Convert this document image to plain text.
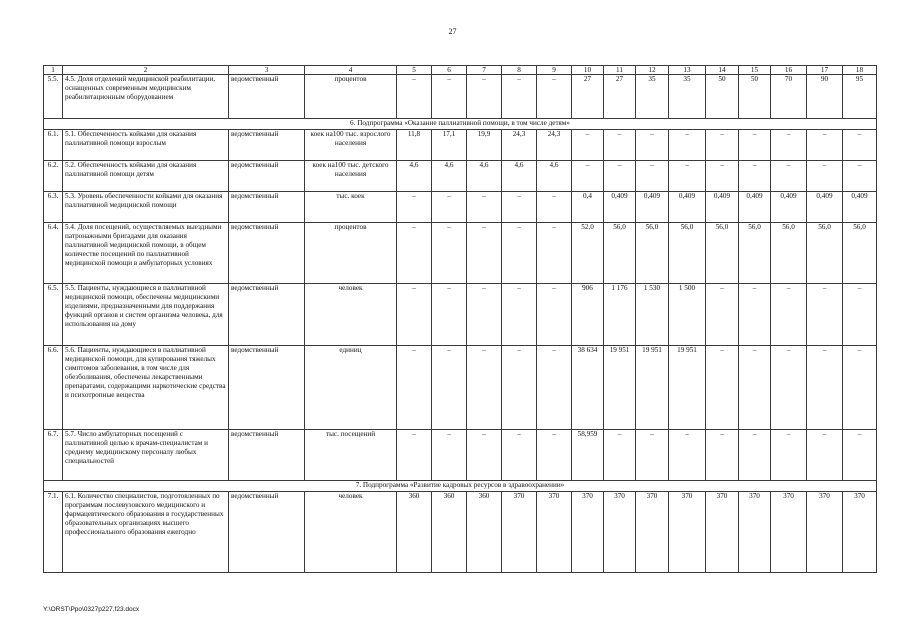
27
1	2	3	4	5	6	7	8	9	10	11	12	13	14	15	16	17	18
5.5.	4.5. Доля отделений медицинской реабилитации, оснащенных современным медицинским реабилитационным оборудованием	ведомственный	процентов	–	–	–	–	–	27	27	35	35	50	50	70	90	95
6. Подпрограмма «Оказание паллиативной помощи, в том числе детям»																	
6.1.	5.1. Обеспеченность койками для оказания паллиативной помощи взрослым	ведомственный	коек на100 тыс. взрослого населения	11,8	17,1	19,9	24,3	24,3	–	–	–	–	–	–	–	–	–
6.2.	5.2. Обеспеченность койками для оказания паллиативной помощи детям	ведомственный	коек на100 тыс. детского населения	4,6	4,6	4,6	4,6	4,6	–	–	–	–	–	–	–	–	–
6.3.	5.3. Уровень обеспеченности койками для оказания паллиативной медицинской помощи	ведомственный	тыс. коек	–	–	–	–	–	0,4	0,409	0,409	0,409	0,409	0,409	0,409	0,409	0,409
6.4.	5.4. Доля посещений, осуществляемых выездными патронажными бригадами для оказания паллиативной медицинской помощи, в общем количестве посещений по паллиативной медицинской помощи в амбулаторных условиях	ведомственный	процентов	–	–	–	–	–	52,0	56,0	56,0	56,0	56,0	56,0	56,0	56,0	56,0
6.5.	5.5. Пациенты, нуждающиеся в паллиативной медицинской помощи, обеспечены медицинскими изделиями, предназначенными для поддержания функций органов и систем организма человека, для использования на дому	ведомственный	человек	–	–	–	–	–	906	1 176	1 530	1 500	–	–	–	–	–
6.6.	5.6. Пациенты, нуждающиеся в паллиативной медицинской помощи, для купирования тяжелых симптомов заболевания, в том числе для обезболивания, обеспечены лекарственными препаратами, содержащими наркотические средства и психотропные вещества	ведомственный	единиц	–	–	–	–	–	38 634	19 951	19 951	19 951	–	–	–	–	–
6.7.	5.7. Число амбулаторных посещений с паллиативной целью к врачам-специалистам и среднему медицинскому персоналу любых специальностей	ведомственный	тыс. посещений	–	–	–	–	–	58,959	–	–	–	–	–	–	–	–
7. Подпрограмма «Развитие кадровых ресурсов в здравоохранении»																	
7.1.	6.1. Количество специалистов, подготовленных по программам послевузовского медицинского и фармацевтического образования в государственных образовательных организациях высшего профессионального образования ежегодно	ведомственный	человек	360	360	360	370	370	370	370	370	370	370	370	370	370	370
Y:\ORST\Ppo\0327p227.f23.docx
